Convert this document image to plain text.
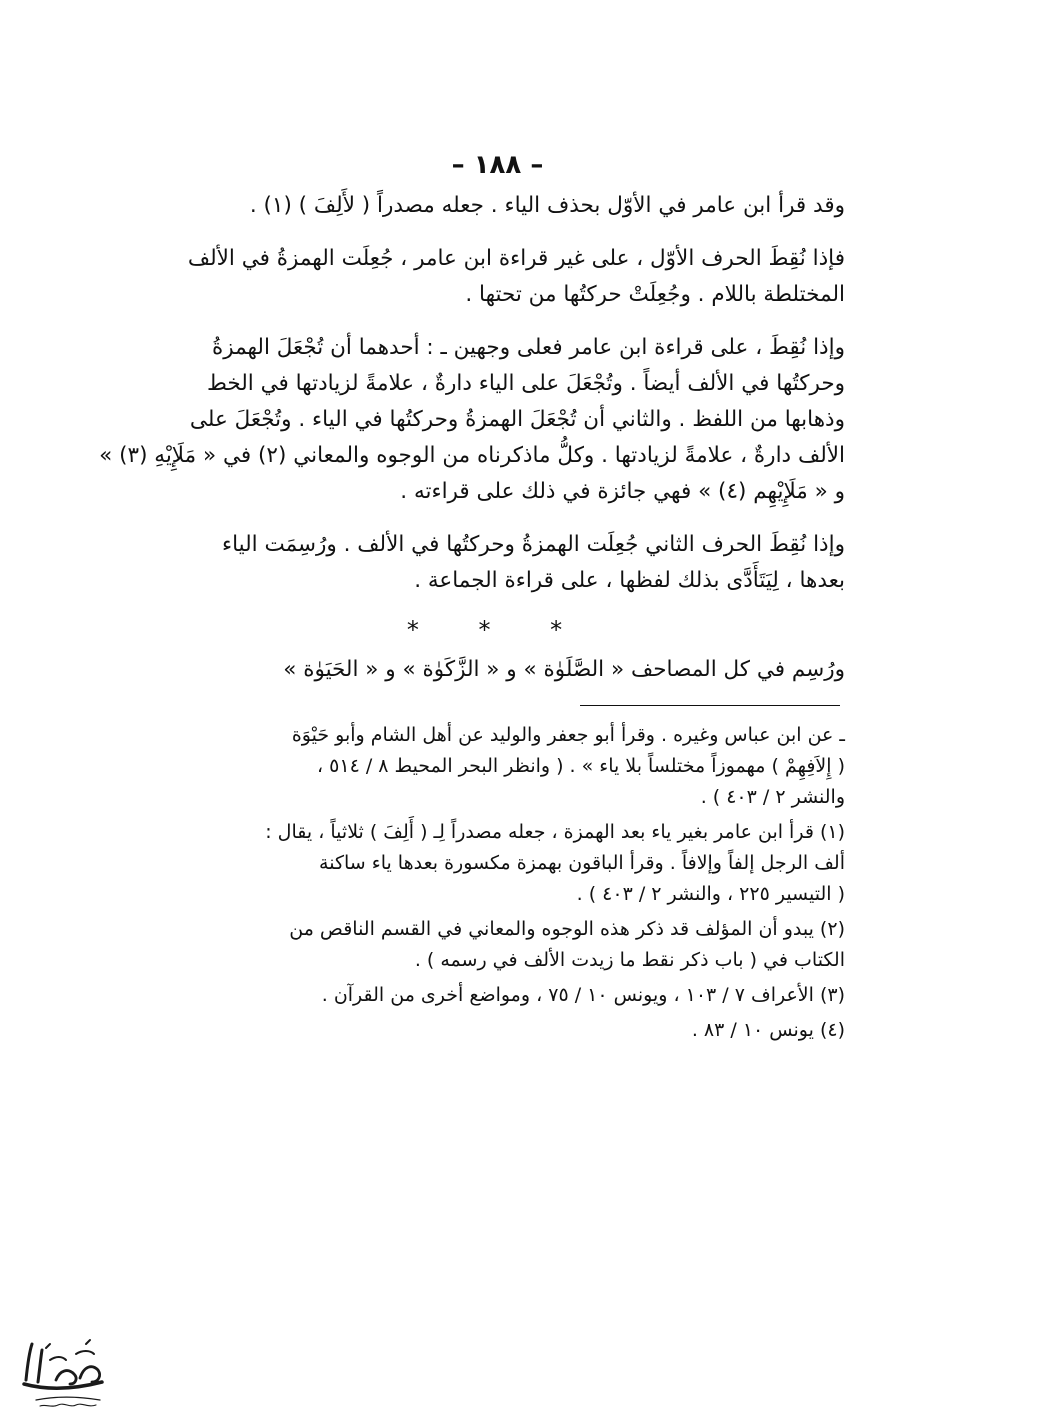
– ١٨٨ –

وقد قرأ ابن عامر في الأوّل بحذف الياء . جعله مصدراً ( لأَلِفَ ) (١) .

فإذا نُقِطَ الحرف الأوّل ، على غير قراءة ابن عامر ، جُعِلَت الهمزةُ في الألف
المختلطة باللام . وجُعِلَتْ حركتُها من تحتها .

وإذا نُقِطَ ، على قراءة ابن عامر فعلى وجهين ـ : أحدهما أن تُجْعَلَ الهمزةُ
وحركتُها في الألف أيضاً . وتُجْعَلَ على الياء دارةٌ ، علامةً لزيادتها في الخط
وذهابها من اللفظ . والثاني أن تُجْعَلَ الهمزةُ وحركتُها في الياء . وتُجْعَلَ على
الألف دارةٌ ، علامةً لزيادتها . وكلُّ ماذكرناه من الوجوه والمعاني (٢) في « مَلَإِيْهِ (٣) »
و « مَلَإِيْهِم (٤) » فهي جائزة في ذلك على قراءته .

وإذا نُقِطَ الحرف الثاني جُعِلَت الهمزةُ وحركتُها في الألف . ورُسِمَت الياء
بعدها ، لِيَتَأَدَّى بذلك لفظها ، على قراءة الجماعة .

* * *

ورُسِم في كل المصاحف « الصَّلَوٰة » و « الزَّكَوٰة » و « الحَيَوٰة »

ـ عن ابن عباس وغيره . وقرأ أبو جعفر والوليد عن أهل الشام وأبو حَيْوَة
( إِلاَفِهِمْ ) مهموزاً مختلساً بلا ياء » . ( وانظر البحر المحيط ٨ / ٥١٤ ،
والنشر ٢ / ٤٠٣ ) .
(١) قرأ ابن عامر بغير ياء بعد الهمزة ، جعله مصدراً لِـ ( أَلِفَ ) ثلاثياً ، يقال :
ألف الرجل إلفاً وإلافاً . وقرأ الباقون بهمزة مكسورة بعدها ياء ساكنة
( التيسير ٢٢٥ ، والنشر ٢ / ٤٠٣ ) .
(٢) يبدو أن المؤلف قد ذكر هذه الوجوه والمعاني في القسم الناقص من
الكتاب في ( باب ذكر نقط ما زيدت الألف في رسمه ) .
(٣) الأعراف ٧ / ١٠٣ ، ويونس ١٠ / ٧٥ ، ومواضع أخرى من القرآن .
(٤) يونس ١٠ / ٨٣ .
